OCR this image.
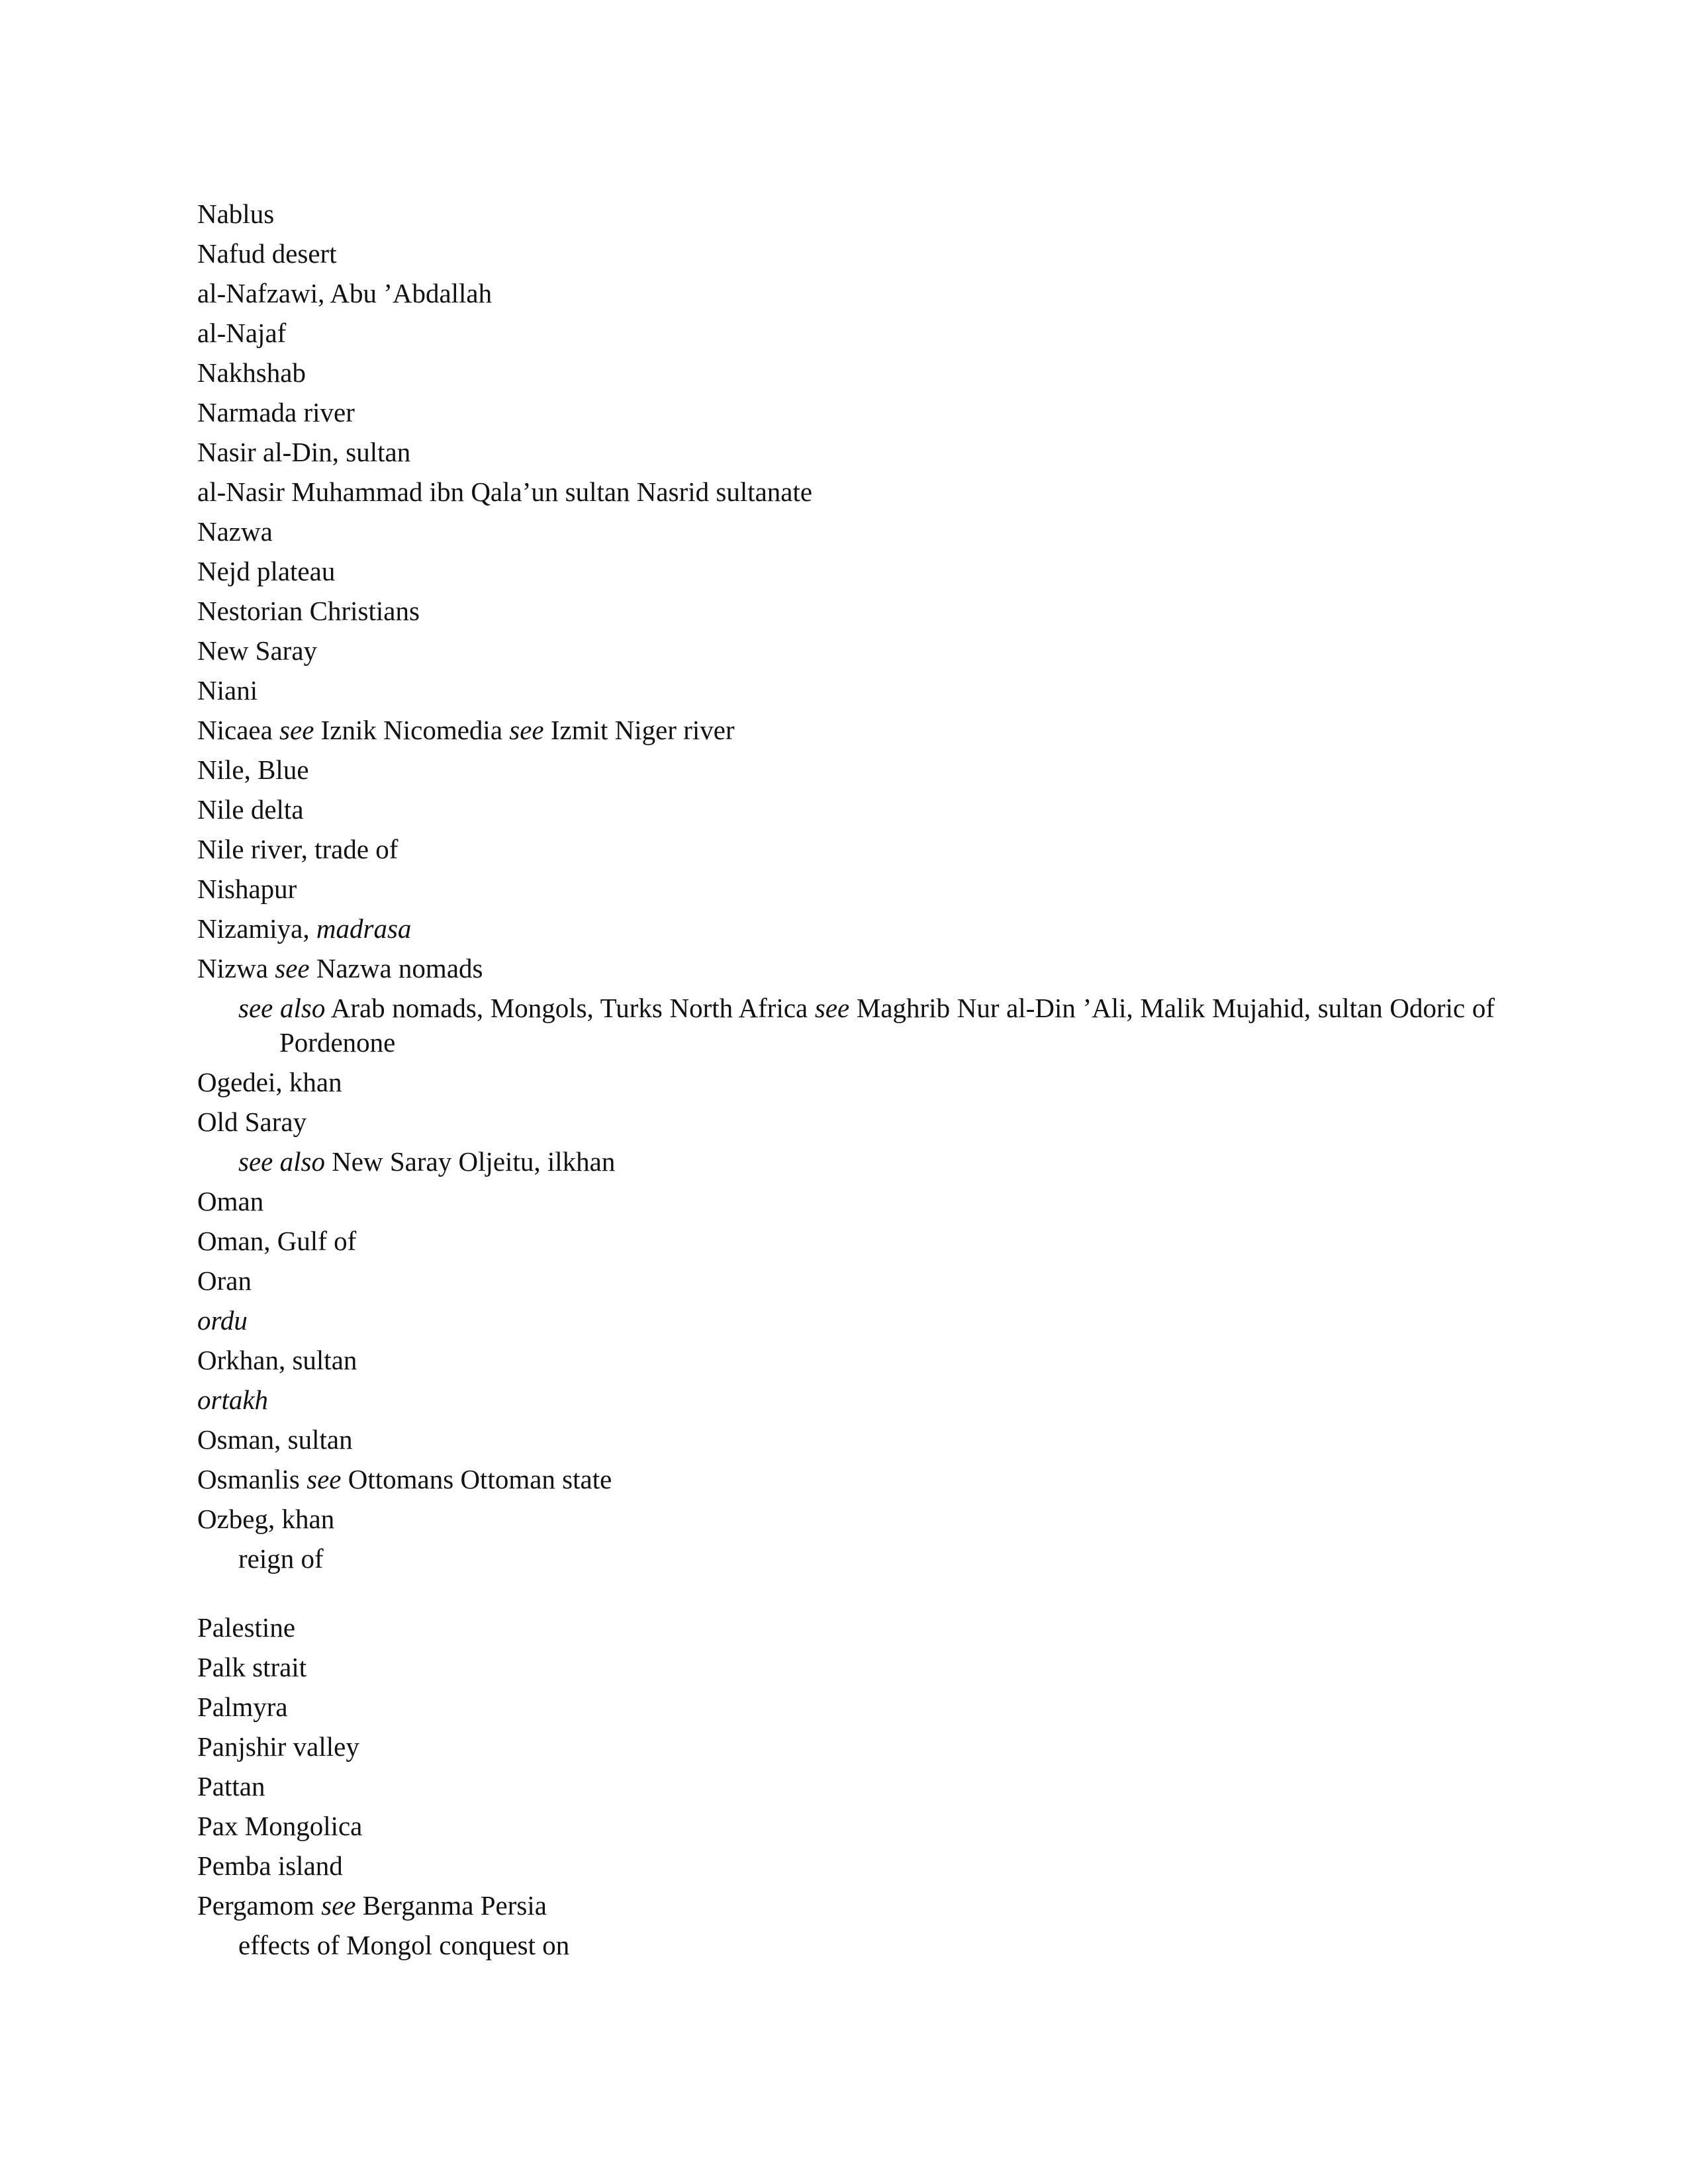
Nablus
Nafud desert
al-Nafzawi, Abu ’Abdallah
al-Najaf
Nakhshab
Narmada river
Nasir al-Din, sultan
al-Nasir Muhammad ibn Qala’un sultan Nasrid sultanate
Nazwa
Nejd plateau
Nestorian Christians
New Saray
Niani
Nicaea see Iznik Nicomedia see Izmit Niger river
Nile, Blue
Nile delta
Nile river, trade of
Nishapur
Nizamiya, madrasa
Nizwa see Nazwa nomads
see also Arab nomads, Mongols, Turks North Africa see Maghrib Nur al-Din ’Ali, Malik Mujahid, sultan Odoric of Pordenone
Ogedei, khan
Old Saray
see also New Saray Oljeitu, ilkhan
Oman
Oman, Gulf of
Oran
ordu
Orkhan, sultan
ortakh
Osman, sultan
Osmanlis see Ottomans Ottoman state
Ozbeg, khan
reign of
Palestine
Palk strait
Palmyra
Panjshir valley
Pattan
Pax Mongolica
Pemba island
Pergamom see Berganma Persia
effects of Mongol conquest on
